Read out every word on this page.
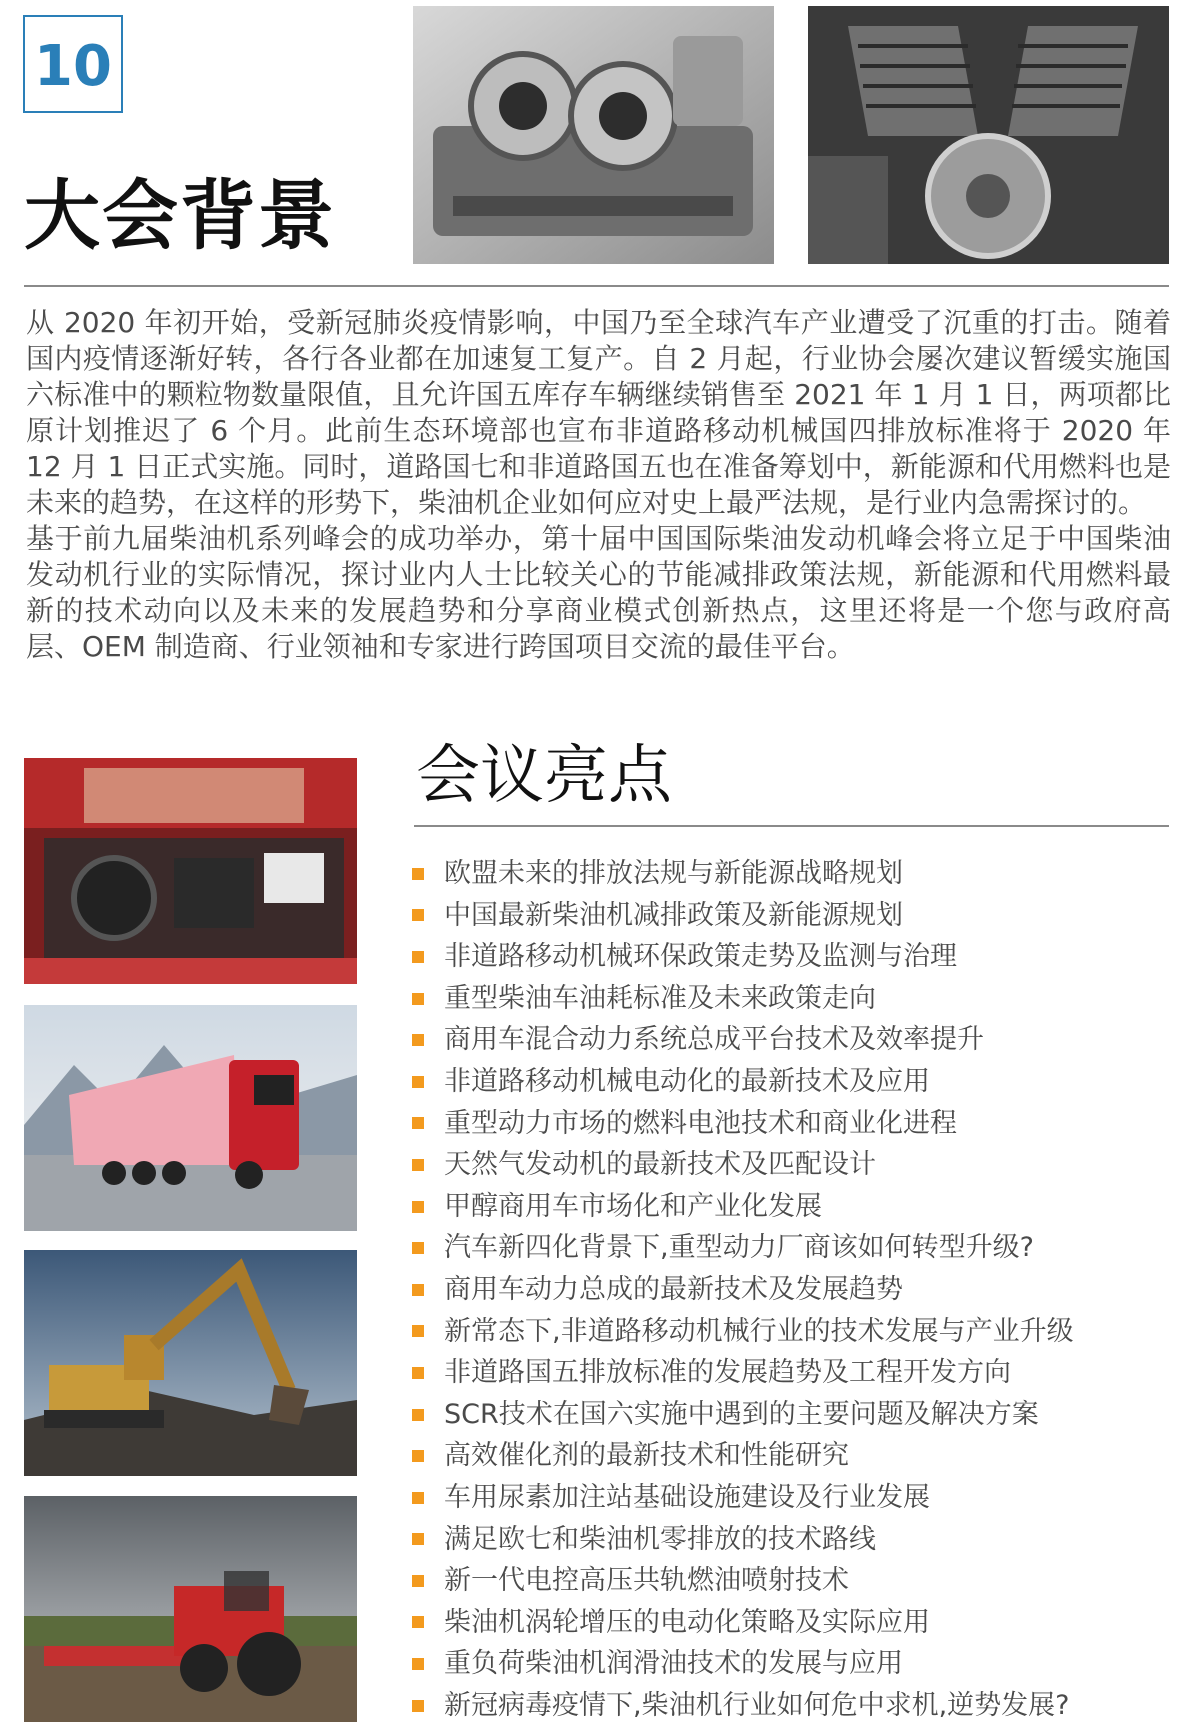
10
大会背景

从 2020 年初开始，受新冠肺炎疫情影响，中国乃至全球汽车产业遭受了沉重的打击。随着国内疫情逐渐好转，各行各业都在加速复工复产。自 2 月起，行业协会屡次建议暂缓实施国六标准中的颗粒物数量限值，且允许国五库存车辆继续销售至 2021 年 1 月 1 日，两项都比原计划推迟了 6 个月。此前生态环境部也宣布非道路移动机械国四排放标准将于 2020 年 12 月 1 日正式实施。同时，道路国七和非道路国五也在准备筹划中，新能源和代用燃料也是未来的趋势，在这样的形势下，柴油机企业如何应对史上最严法规，是行业内急需探讨的。

基于前九届柴油机系列峰会的成功举办，第十届中国国际柴油发动机峰会将立足于中国柴油发动机行业的实际情况，探讨业内人士比较关心的节能减排政策法规，新能源和代用燃料最新的技术动向以及未来的发展趋势和分享商业模式创新热点，这里还将是一个您与政府高层、OEM 制造商、行业领袖和专家进行跨国项目交流的最佳平台。

会议亮点
欧盟未来的排放法规与新能源战略规划
中国最新柴油机减排政策及新能源规划
非道路移动机械环保政策走势及监测与治理
重型柴油车油耗标准及未来政策走向
商用车混合动力系统总成平台技术及效率提升
非道路移动机械电动化的最新技术及应用
重型动力市场的燃料电池技术和商业化进程
天然气发动机的最新技术及匹配设计
甲醇商用车市场化和产业化发展
汽车新四化背景下,重型动力厂商该如何转型升级?
商用车动力总成的最新技术及发展趋势
新常态下,非道路移动机械行业的技术发展与产业升级
非道路国五排放标准的发展趋势及工程开发方向
SCR技术在国六实施中遇到的主要问题及解决方案
高效催化剂的最新技术和性能研究
车用尿素加注站基础设施建设及行业发展
满足欧七和柴油机零排放的技术路线
新一代电控高压共轨燃油喷射技术
柴油机涡轮增压的电动化策略及实际应用
重负荷柴油机润滑油技术的发展与应用
新冠病毒疫情下,柴油机行业如何危中求机,逆势发展?
